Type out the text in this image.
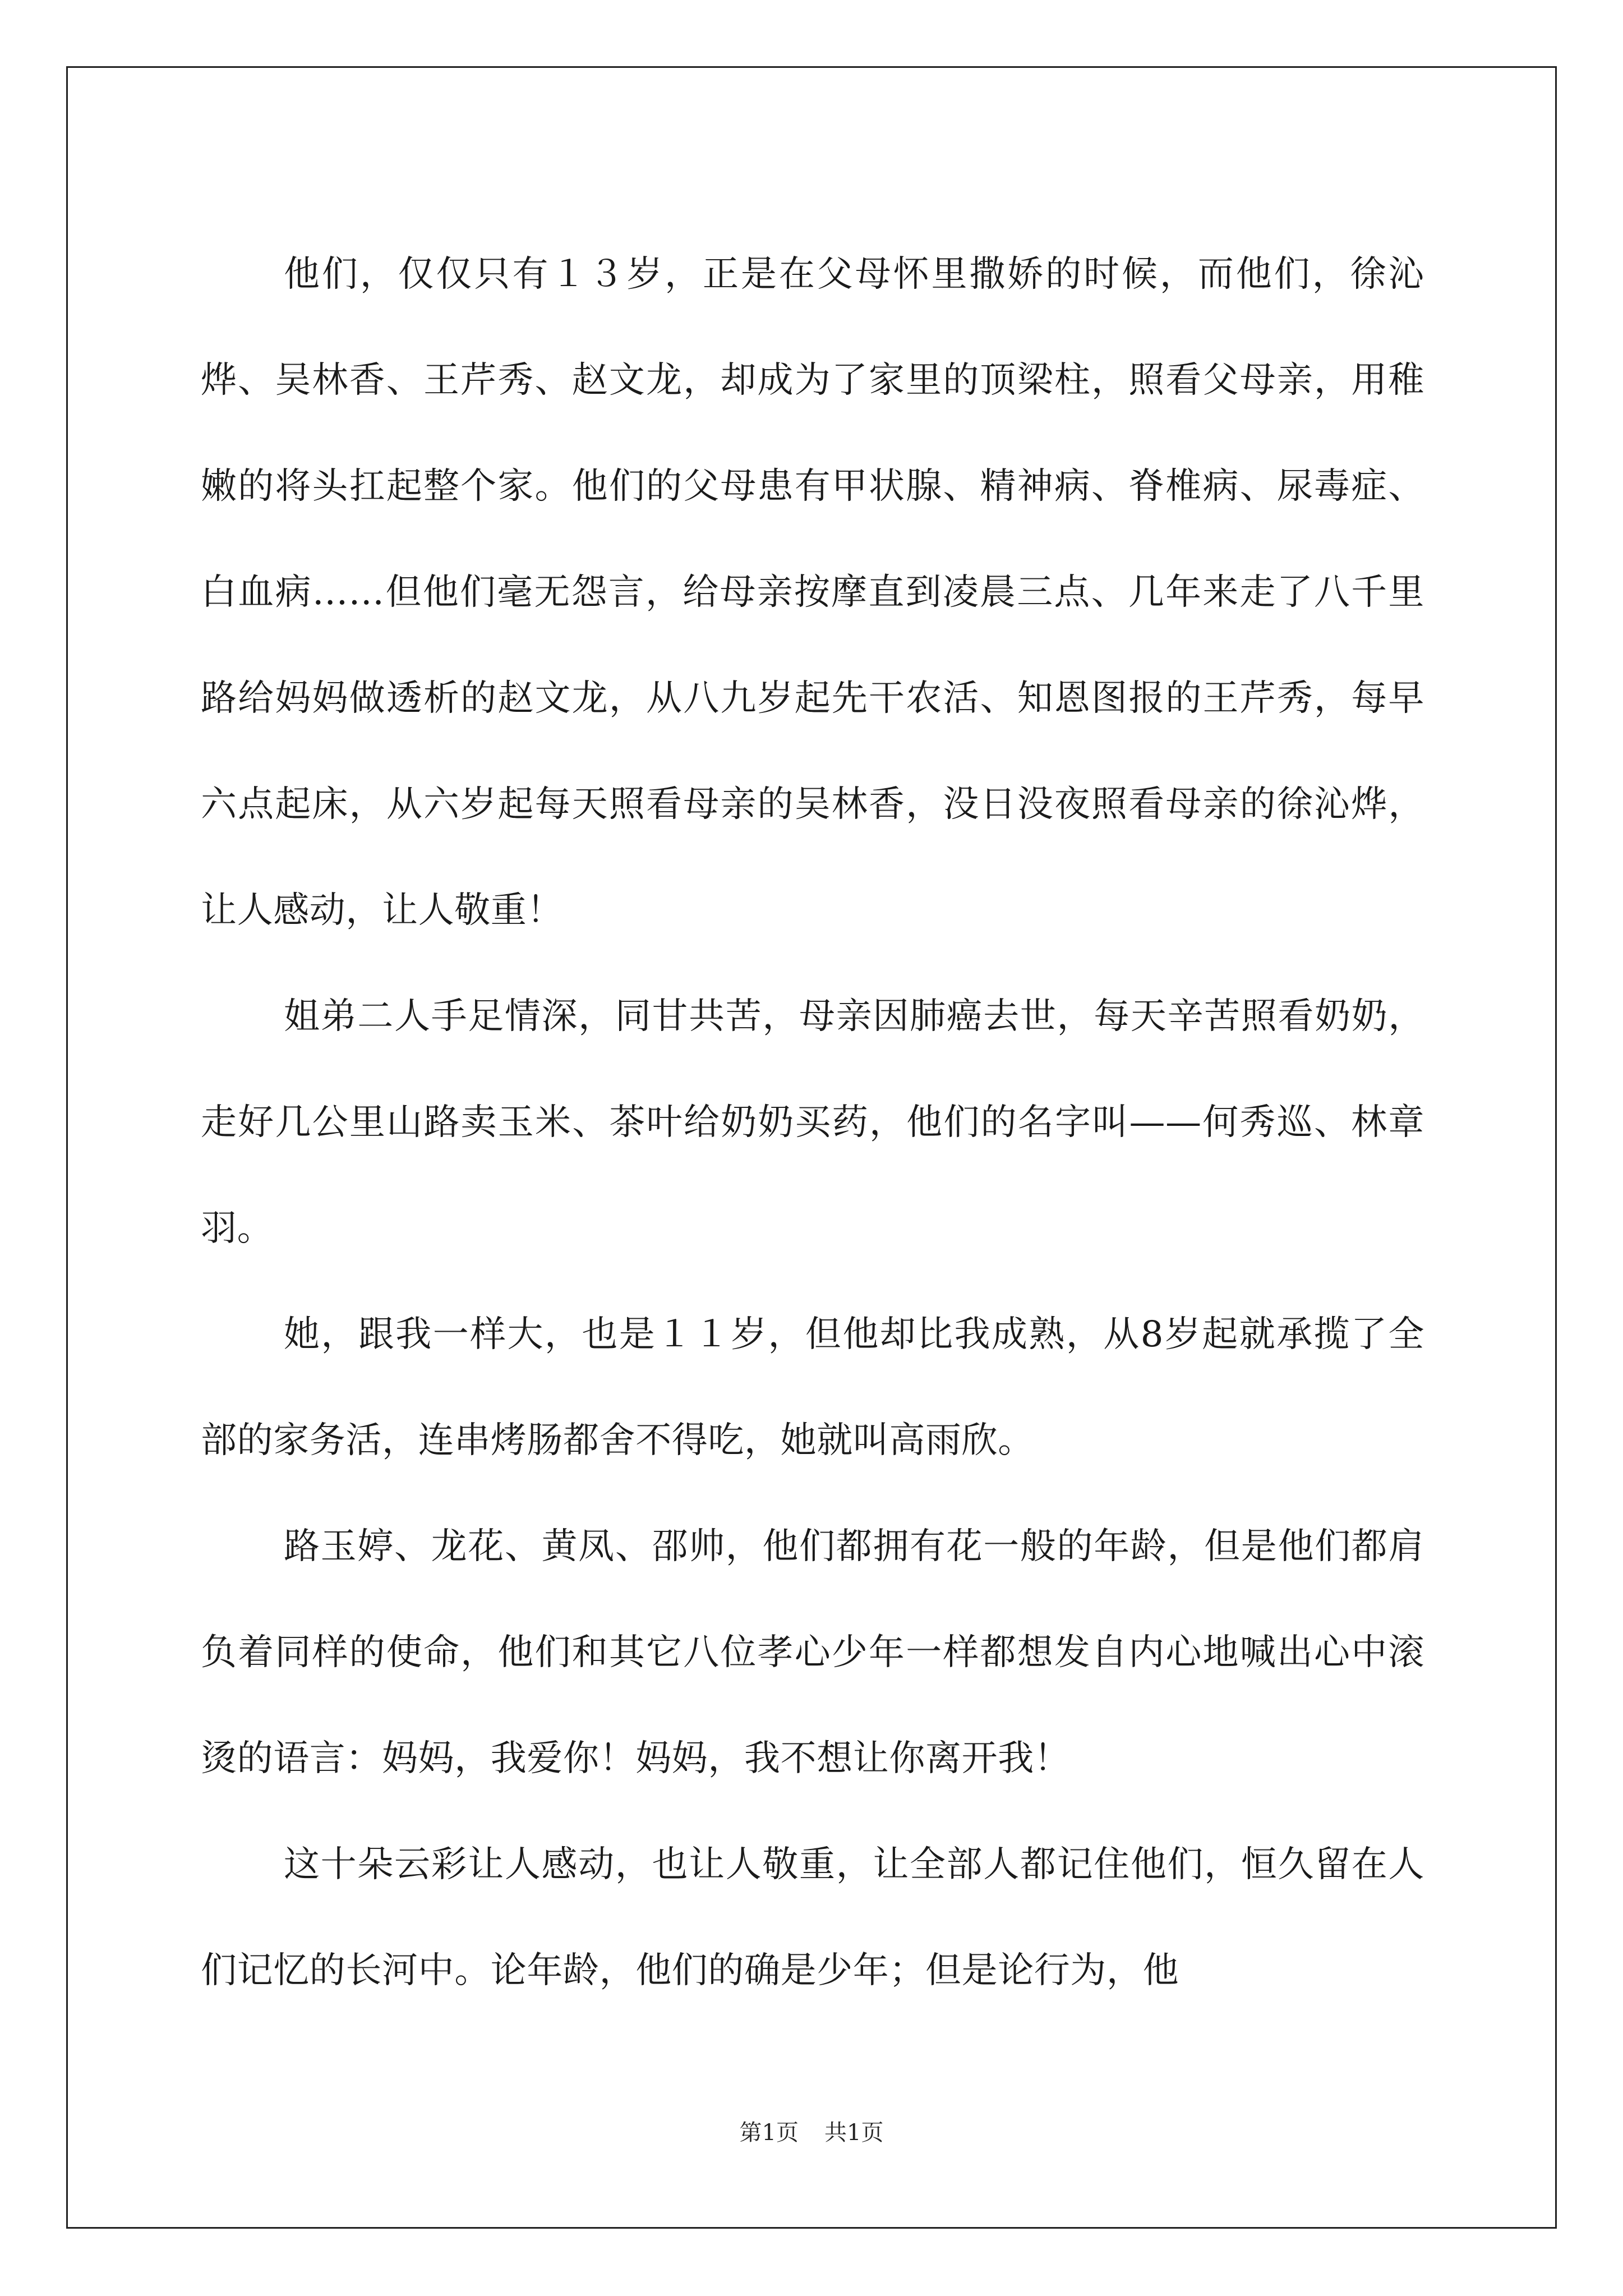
他们，仅仅只有１３岁，正是在父母怀里撒娇的时候，而他们，徐沁烨、吴林香、王芹秀、赵文龙，却成为了家里的顶梁柱，照看父母亲，用稚嫩的将头扛起整个家。他们的父母患有甲状腺、精神病、脊椎病、尿毒症、白血病……但他们毫无怨言，给母亲按摩直到凌晨三点、几年来走了八千里路给妈妈做透析的赵文龙，从八九岁起先干农活、知恩图报的王芹秀，每早六点起床，从六岁起每天照看母亲的吴林香，没日没夜照看母亲的徐沁烨，让人感动，让人敬重！

姐弟二人手足情深，同甘共苦，母亲因肺癌去世，每天辛苦照看奶奶，走好几公里山路卖玉米、茶叶给奶奶买药，他们的名字叫——何秀巡、林章羽。

她，跟我一样大，也是１１岁，但他却比我成熟，从8岁起就承揽了全部的家务活，连串烤肠都舍不得吃，她就叫高雨欣。

路玉婷、龙花、黄凤、邵帅，他们都拥有花一般的年龄，但是他们都肩负着同样的使命，他们和其它八位孝心少年一样都想发自内心地喊出心中滚烫的语言：妈妈，我爱你！妈妈，我不想让你离开我！

这十朵云彩让人感动，也让人敬重，让全部人都记住他们，恒久留在人们记忆的长河中。论年龄，他们的确是少年；但是论行为，他

第1页 共1页
